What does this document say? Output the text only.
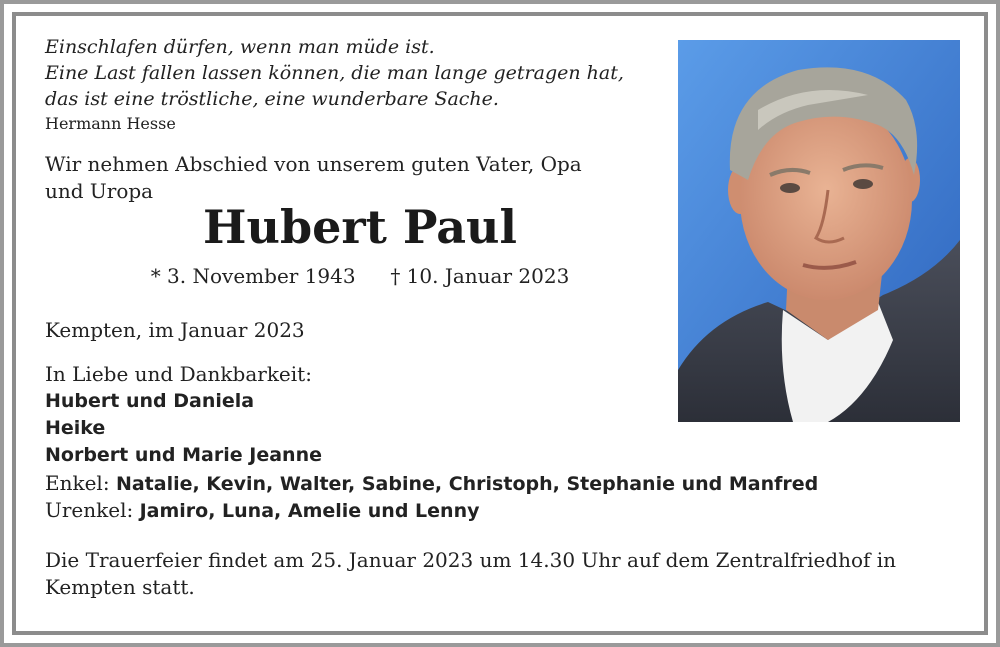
Einschlafen dürfen, wenn man müde ist.
Eine Last fallen lassen können, die man lange getragen hat,
das ist eine tröstliche, eine wunderbare Sache.
Hermann Hesse
Wir nehmen Abschied von unserem guten Vater, Opa
und Uropa
Hubert Paul
* 3. November 1943 † 10. Januar 2023
Kempten, im Januar 2023
In Liebe und Dankbarkeit:
Hubert und Daniela
Heike
Norbert und Marie Jeanne
Enkel: Natalie, Kevin, Walter, Sabine, Christoph, Stephanie und Manfred
Urenkel: Jamiro, Luna, Amelie und Lenny
Die Trauerfeier findet am 25. Januar 2023 um 14.30 Uhr auf dem Zentralfriedhof in
Kempten statt.
